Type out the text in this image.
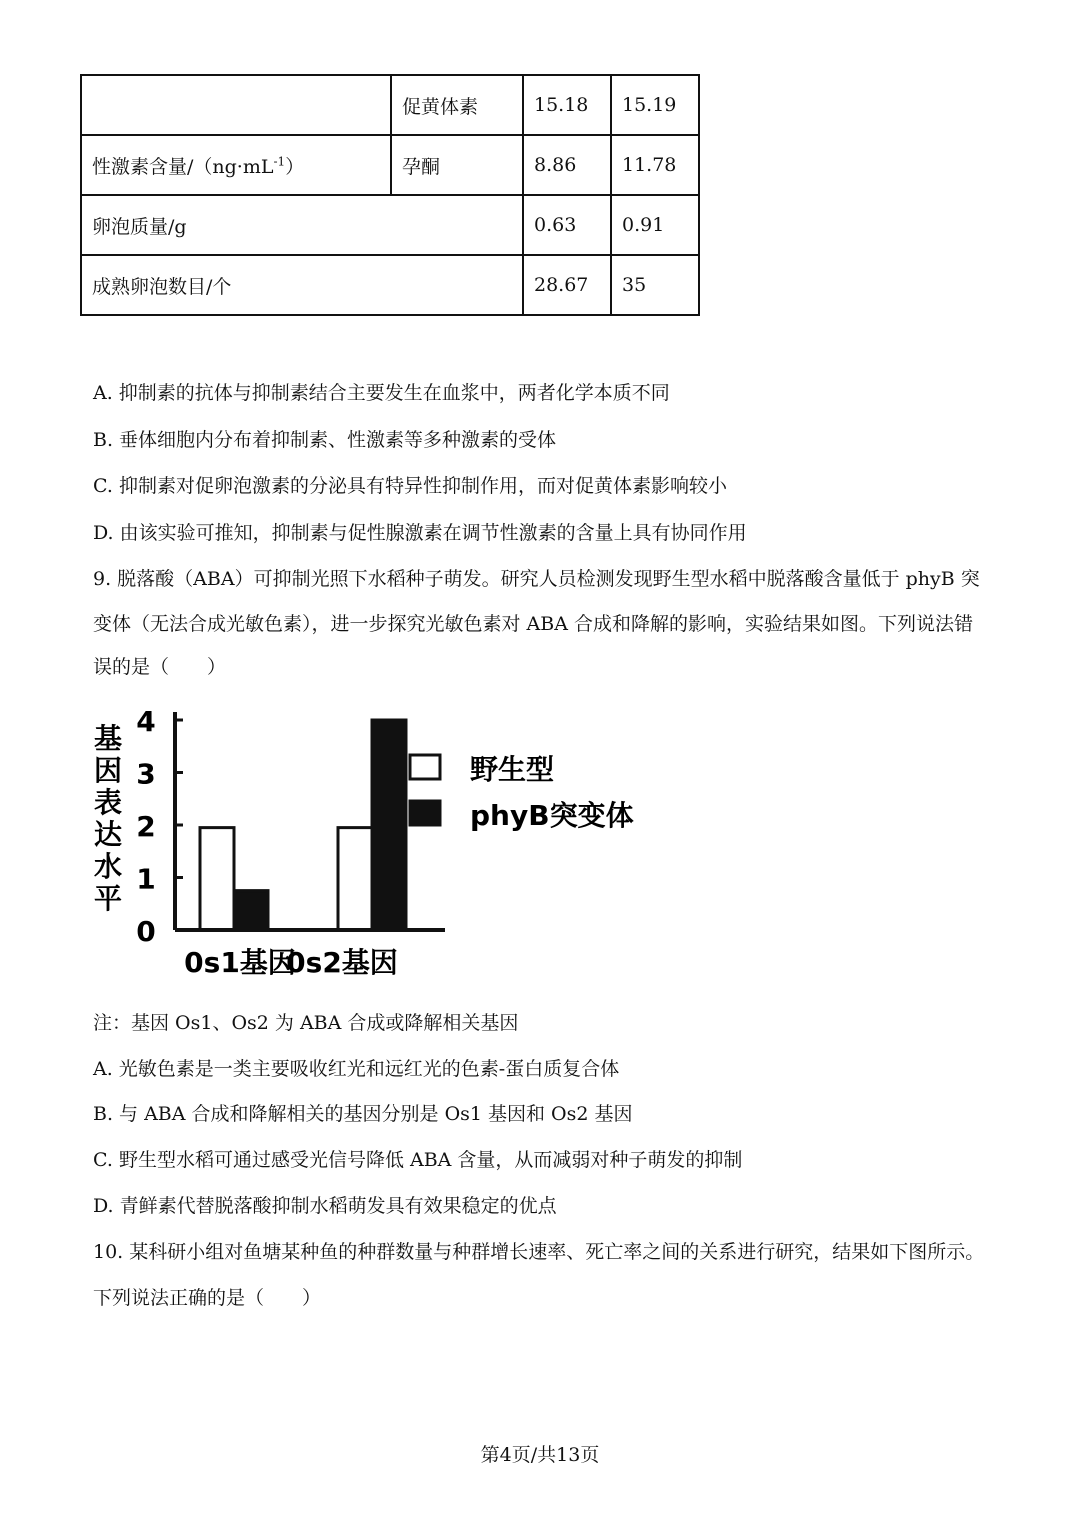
	促黄体素	15.18	15.19
性激素含量$/(ng\cdot mL^{-1})$	孕酮	8.86	11.78
卵泡质量/g		0.63	0.91
成熟卵泡数目/个		28.67	35
A. 抑制素的抗体与抑制素结合主要发生在血浆中，两者化学本质不同
B. 垂体细胞内分布着抑制素、性激素等多种激素的受体
C. 抑制素对促卵泡激素的分泌具有特异性抑制作用，而对促黄体素影响较小
D. 由该实验可推知，抑制素与促性腺激素在调节性激素的含量上具有协同作用
9. 脱落酸（ABA）可抑制光照下水稻种子萌发。研究人员检测发现野生型水稻中脱落酸含量低于 phyB 突
变体（无法合成光敏色素），进一步探究光敏色素对 ABA 合成和降解的影响，实验结果如图。下列说法错
误的是（　　）
基
因
表
达
水
平
0
1
2
3
4
0s1基因
0s2基因
野生型
phyB突变体
注：基因 Os1、Os2 为 ABA 合成或降解相关基因
A. 光敏色素是一类主要吸收红光和远红光的色素-蛋白质复合体
B. 与 ABA 合成和降解相关的基因分别是 Os1 基因和 Os2 基因
C. 野生型水稻可通过感受光信号降低 ABA 含量，从而减弱对种子萌发的抑制
D. 青鲜素代替脱落酸抑制水稻萌发具有效果稳定的优点
10. 某科研小组对鱼塘某种鱼的种群数量与种群增长速率、死亡率之间的关系进行研究，结果如下图所示。
下列说法正确的是（　　）
第4页/共13页
